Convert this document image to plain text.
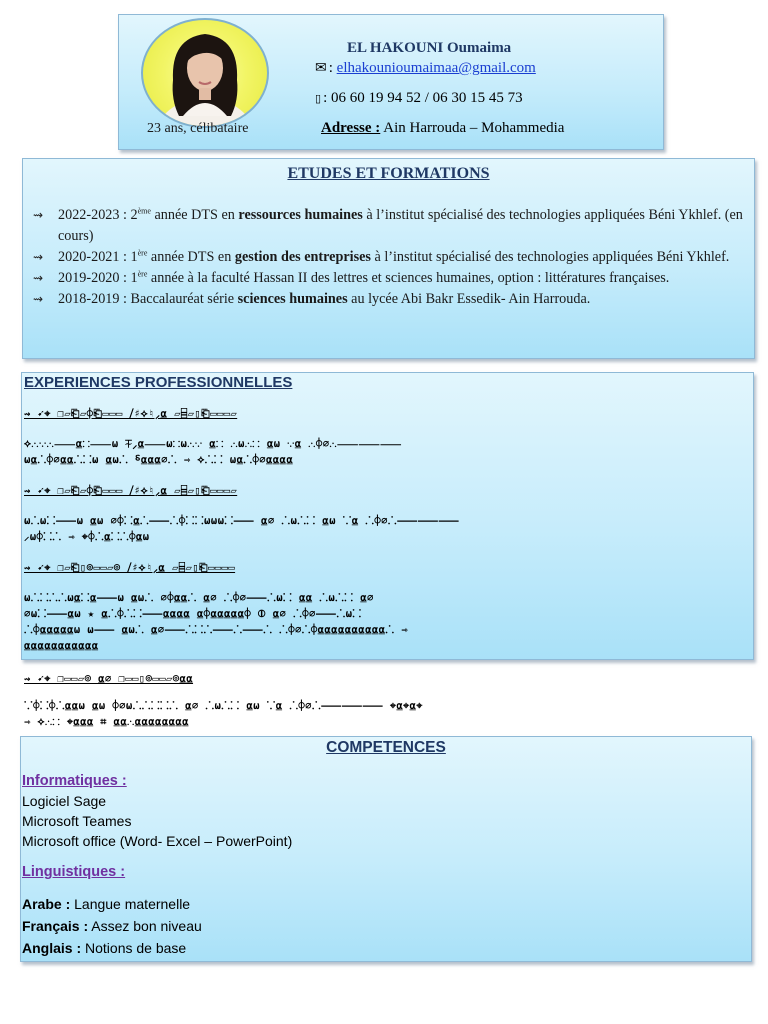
23 ans, célibataire
EL HAKOUNI Oumaima
✉ : elhakounioumaimaa@gmail.com
▯ : 06 60 19 94 52 / 06 30 15 45 73
Adresse : Ain Harrouda – Mohammedia
ETUDES ET FORMATIONS
⇝ 2022-2023 : 2ème année DTS en ressources humaines à l’institut spécialisé des technologies appliquées Béni Ykhlef. (en cours)
⇝ 2020-2021 : 1ère année DTS en gestion des entreprises à l’institut spécialisé des technologies appliquées Béni Ykhlef.
⇝ 2019-2020 : 1ère année à la faculté Hassan II des lettres et sciences humaines, option : littératures françaises.
⇝ 2018-2019 : Baccalauréat série sciences humaines au lycée Abi Bakr Essedik- Ain Harrouda.
EXPERIENCES PROFESSIONNELLES
⇝ ➹⌖ ❐▱⎗▱⌽⎗▭▭▭ ⧸♯⟡♮⸝⍶ ▱⌸▱▯⎗▭▭▭▱
⟡⸫⸪⸫⸺⍶⸬⸺⍵ ⏇⸝⍶⸺⍵⸬⍵⸫⸪ ⍶⸬ ⸫⍵⸫⸬ ⍶⍵ ⸪⍶ ⸫⌽⌀⸫⸺⸺⸺
⍵⍶⸫⌽⌀⍶⍶⸫⸬⍵ ⍶⍵⸫ ⸹⍶⍶⍶⌀⸫ ⇾ ⟡⸫⸬ ⍵⍶⸫⌽⌀⍶⍶⍶⍶
⇝ ➹⌖ ❐▱⎗▱⌽⎗▭▭▭ ⧸♯⟡♮⸝⍶ ▱⌸▱▯⎗▭▭▭▱
⍵⸫⍵⸬⸺⍵ ⍶⍵ ⌀⌽⸬⍶⸫⸺⸫⌽⸬⸬⍵⍵⍵⸬⸺ ⍶⌀ ⸫⍵⸫⸬ ⍶⍵ ⸪⍶ ⸫⌽⌀⸫⸺⸺⸺
⸝⍵⌽⸬⸫ ⇾ ⌖⌽⸫⍶⸬⸫⌽⍶⍵
⇝ ➹⌖ ❐▱⎗▯⌾▭▭▱⌾ ⧸♯⟡♮⸝⍶ ▱⌸▱▯⎗▭▭▭▭
⍵⸫⸬⸫⸫⍵⍶⸬⍶⸺⍵ ⍶⍵⸫ ⌀⌽⍶⍶⸫ ⍶⌀ ⸫⌽⌀⸺⸫⍵⸬ ⍶⍶ ⸫⍵⸫⸬ ⍶⌀
⌀⍵⸬⸺⍶⍵ ★ ⍶⸫⌽⸫⸬⸺⍶⍶⍶⍶ ⍶⌽⍶⍶⍶⍶⍶⌽ ⦶ ⍶⌀ ⸫⌽⌀⸺⸫⍵⸬
⸫⌽⍶⍶⍶⍶⍶⍵ ⍵⸺ ⍶⍵⸫ ⍶⌀⸺⸫⸬⸫⸺⸫⸺⸫ ⸫⌽⌀⸫⌽⍶⍶⍶⍶⍶⍶⍶⍶⍶⍶⸫ ⇾
⍶⍶⍶⍶⍶⍶⍶⍶⍶⍶⍶
⇝ ➹⌖ ❐▭▭▱⌾ ⍶⌀ ❐▭▭▯⌾▭▭▱⌾⍶⍶
⸪⌽⸬⌽⸫⍶⍶⍵ ⍶⍵ ⌽⌀⍵⸫⸫⸬⸬⸫ ⍶⌀ ⸫⍵⸫⸬ ⍶⍵ ⸪⍶ ⸫⌽⌀⸫⸺⸺⸺ ⌖⍶⌖⍶⌖
⇾ ⟡⸫⸬ ⌖⍶⍶⍶ ⌗ ⍶⍶⸫⍶⍶⍶⍶⍶⍶⍶⍶
COMPETENCES
Informatiques :
Logiciel Sage
Microsoft Teames
Microsoft office (Word- Excel – PowerPoint)
Linguistiques :
Arabe : Langue maternelle
Français : Assez bon niveau
Anglais : Notions de base
